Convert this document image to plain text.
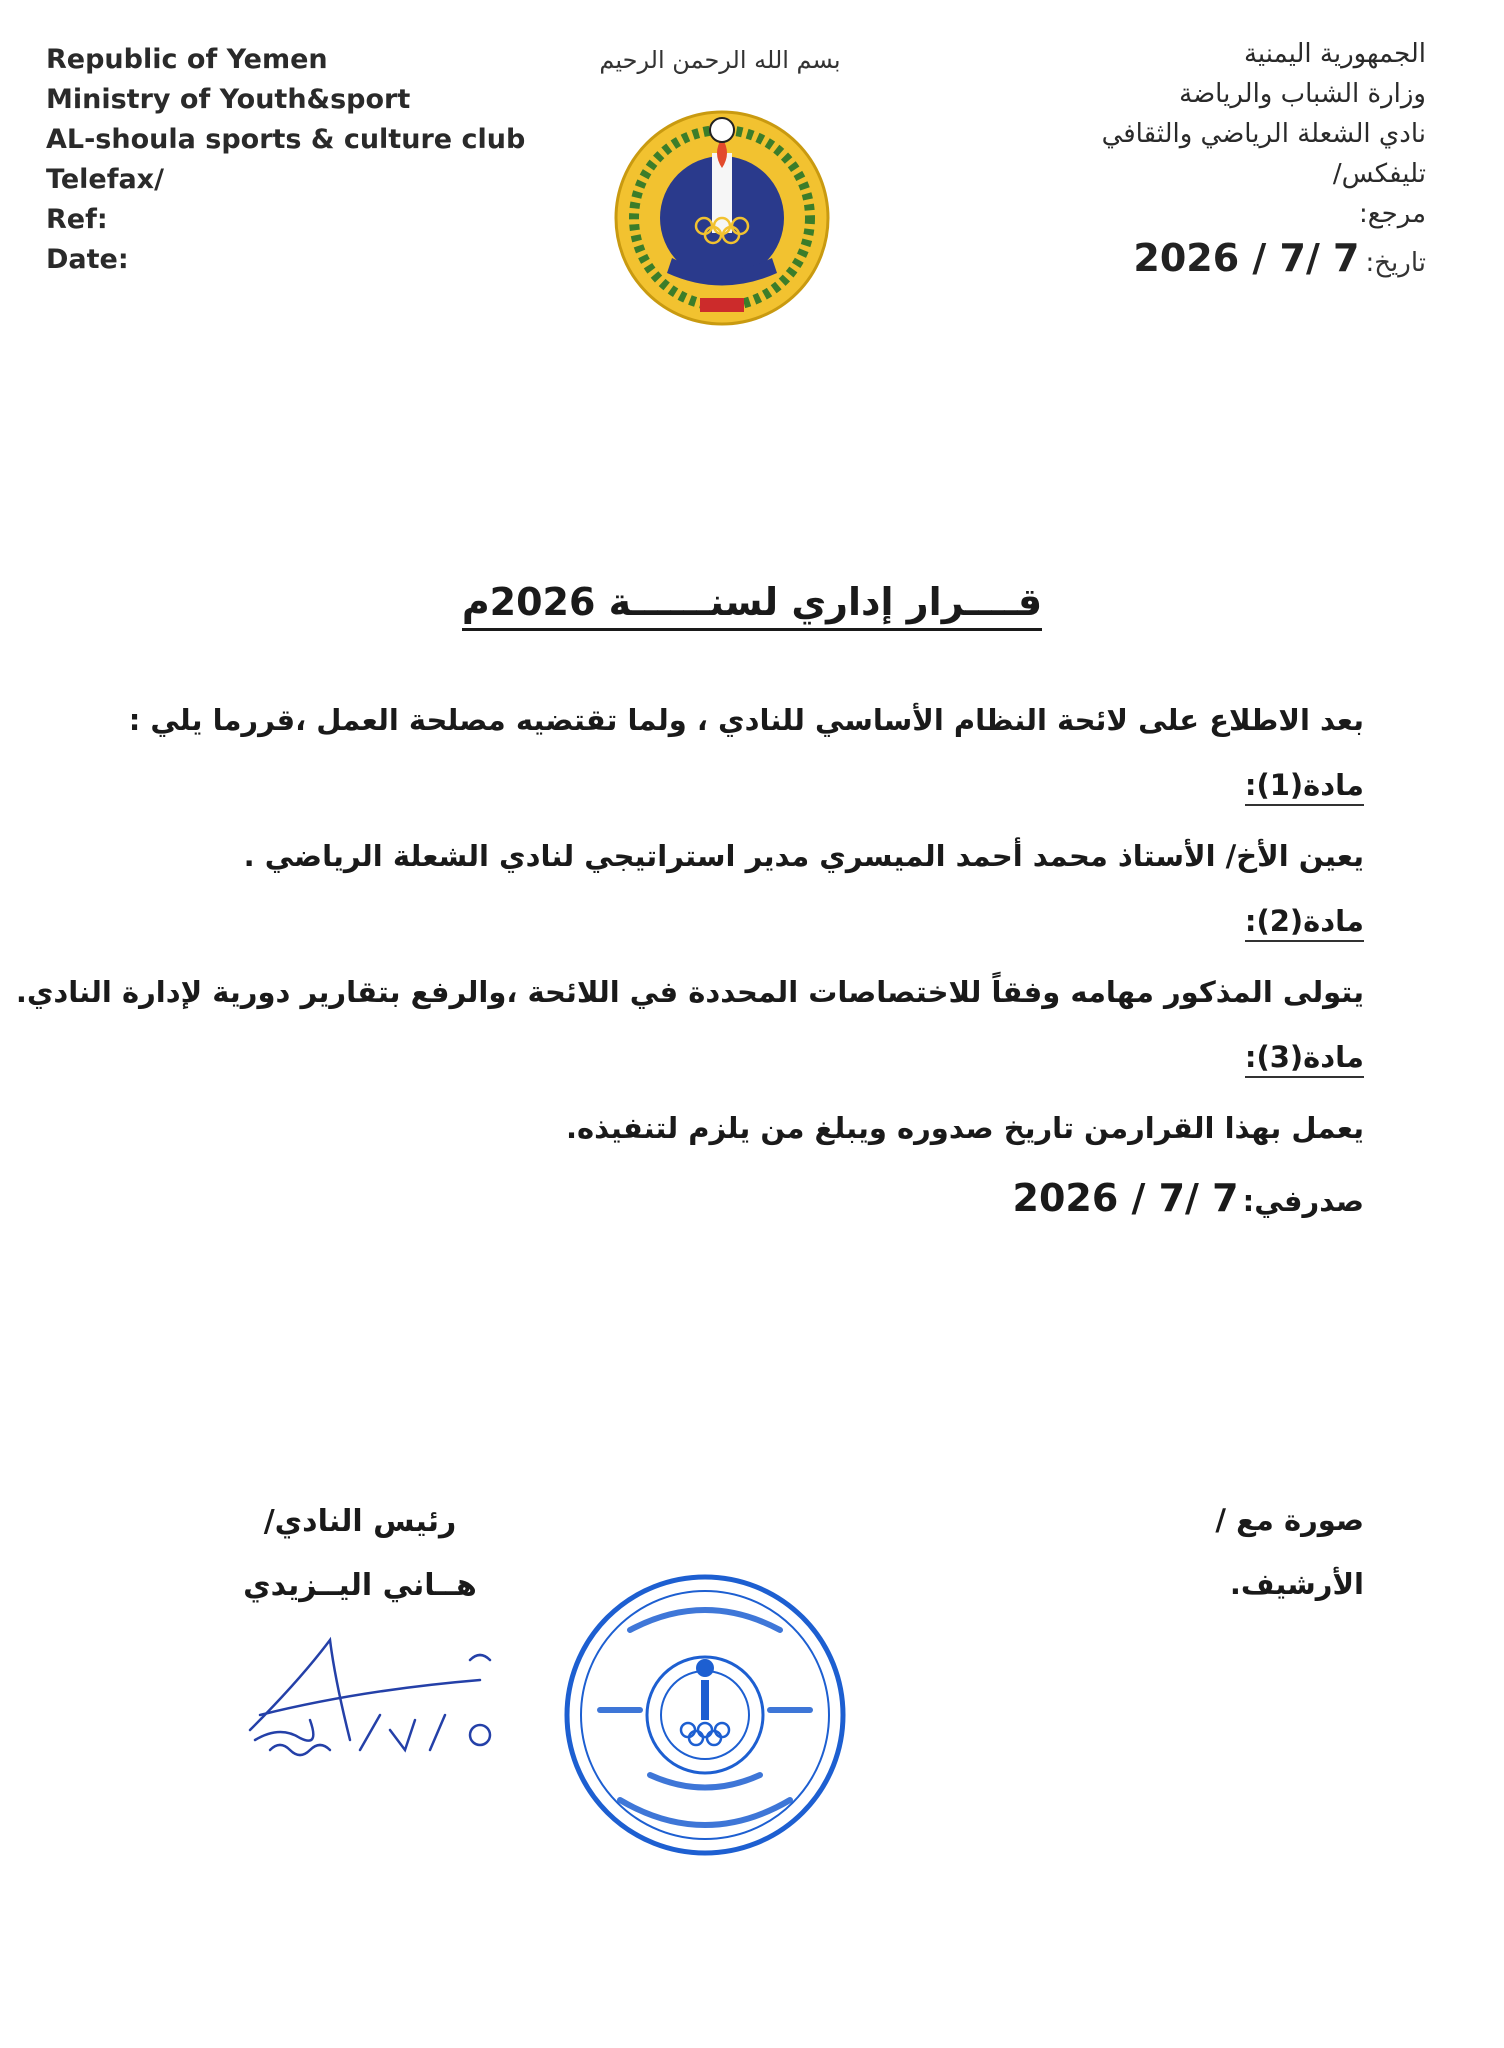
Republic of Yemen
Ministry of Youth&sport
AL-shoula sports & culture club
Telefax/
Ref:
Date:
بسم الله الرحمن الرحيم	الجمهورية اليمنية
وزارة الشباب والرياضة
نادي الشعلة الرياضي والثقافي
تليفكس/
مرجع:
تاريخ:
2026 / 7/ 7
قــــرار إداري لسنــــــة 2026م
بعد الاطلاع على لائحة النظام الأساسي للنادي ، ولما تقتضيه مصلحة العمل ،قررما يلي :
مادة(1):
يعين الأخ/ الأستاذ محمد أحمد الميسري مدير استراتيجي لنادي الشعلة الرياضي .
مادة(2):
يتولى المذكور مهامه وفقاً للاختصاصات المحددة في اللائحة ،والرفع بتقارير دورية لإدارة النادي.
مادة(3):
يعمل بهذا القرارمن تاريخ صدوره ويبلغ من يلزم لتنفيذه.
صدرفي:
2026 / 7/ 7
صورة مع /
الأرشيف.
رئيس النادي/
هــاني اليــزيدي
